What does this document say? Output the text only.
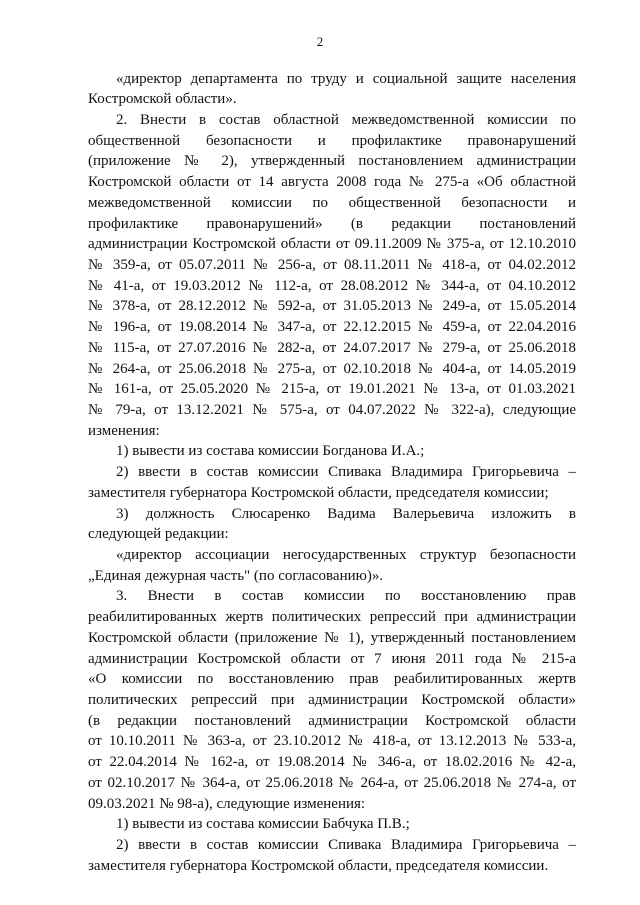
2
«директор департамента по труду и социальной защите населения
Костромской области».
2. Внести в состав областной межведомственной комиссии по
общественной безопасности и профилактике правонарушений
(приложение № 2), утвержденный постановлением администрации
Костромской области от 14 августа 2008 года № 275-а «Об областной
межведомственной комиссии по общественной безопасности и
профилактике правонарушений» (в редакции постановлений
администрации Костромской области от 09.11.2009 № 375-а, от 12.10.2010
№ 359-а, от 05.07.2011 № 256-а, от 08.11.2011 № 418-а, от 04.02.2012
№ 41-а, от 19.03.2012 № 112-а, от 28.08.2012 № 344-а, от 04.10.2012
№ 378-а, от 28.12.2012 № 592-а, от 31.05.2013 № 249-а, от 15.05.2014
№ 196-а, от 19.08.2014 № 347-а, от 22.12.2015 № 459-а, от 22.04.2016
№ 115-а, от 27.07.2016 № 282-а, от 24.07.2017 № 279-а, от 25.06.2018
№ 264-а, от 25.06.2018 № 275-а, от 02.10.2018 № 404-а, от 14.05.2019
№ 161-а, от 25.05.2020 № 215-а, от 19.01.2021 № 13-а, от 01.03.2021
№ 79-а, от 13.12.2021 № 575-а, от 04.07.2022 № 322-а), следующие
изменения:
1) вывести из состава комиссии Богданова И.А.;
2) ввести в состав комиссии Спивака Владимира Григорьевича –
заместителя губернатора Костромской области, председателя комиссии;
3) должность Слюсаренко Вадима Валерьевича изложить в
следующей редакции:
«директор ассоциации негосударственных структур безопасности
„Единая дежурная часть" (по согласованию)».
3. Внести в состав комиссии по восстановлению прав
реабилитированных жертв политических репрессий при администрации
Костромской области (приложение № 1), утвержденный постановлением
администрации Костромской области от 7 июня 2011 года № 215-а
«О комиссии по восстановлению прав реабилитированных жертв
политических репрессий при администрации Костромской области»
(в редакции постановлений администрации Костромской области
от 10.10.2011 № 363-а, от 23.10.2012 № 418-а, от 13.12.2013 № 533-а,
от 22.04.2014 № 162-а, от 19.08.2014 № 346-а, от 18.02.2016 № 42-а,
от 02.10.2017 № 364-а, от 25.06.2018 № 264-а, от 25.06.2018 № 274-а, от
09.03.2021 № 98-а), следующие изменения:
1) вывести из состава комиссии Бабчука П.В.;
2) ввести в состав комиссии Спивака Владимира Григорьевича –
заместителя губернатора Костромской области, председателя комиссии.
